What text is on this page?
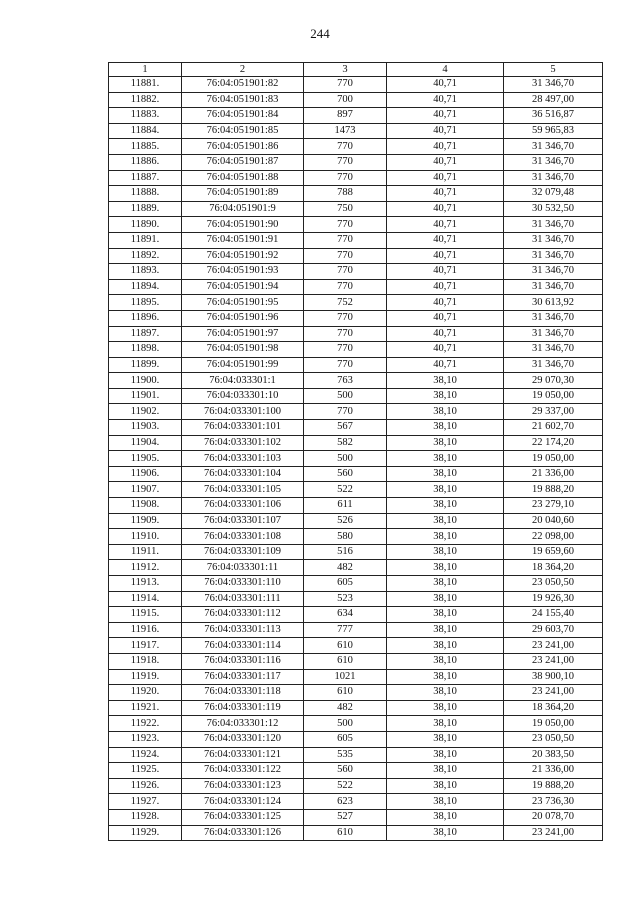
244
1	2	3	4	5
11881.	76:04:051901:82	770	40,71	31 346,70
11882.	76:04:051901:83	700	40,71	28 497,00
11883.	76:04:051901:84	897	40,71	36 516,87
11884.	76:04:051901:85	1473	40,71	59 965,83
11885.	76:04:051901:86	770	40,71	31 346,70
11886.	76:04:051901:87	770	40,71	31 346,70
11887.	76:04:051901:88	770	40,71	31 346,70
11888.	76:04:051901:89	788	40,71	32 079,48
11889.	76:04:051901:9	750	40,71	30 532,50
11890.	76:04:051901:90	770	40,71	31 346,70
11891.	76:04:051901:91	770	40,71	31 346,70
11892.	76:04:051901:92	770	40,71	31 346,70
11893.	76:04:051901:93	770	40,71	31 346,70
11894.	76:04:051901:94	770	40,71	31 346,70
11895.	76:04:051901:95	752	40,71	30 613,92
11896.	76:04:051901:96	770	40,71	31 346,70
11897.	76:04:051901:97	770	40,71	31 346,70
11898.	76:04:051901:98	770	40,71	31 346,70
11899.	76:04:051901:99	770	40,71	31 346,70
11900.	76:04:033301:1	763	38,10	29 070,30
11901.	76:04:033301:10	500	38,10	19 050,00
11902.	76:04:033301:100	770	38,10	29 337,00
11903.	76:04:033301:101	567	38,10	21 602,70
11904.	76:04:033301:102	582	38,10	22 174,20
11905.	76:04:033301:103	500	38,10	19 050,00
11906.	76:04:033301:104	560	38,10	21 336,00
11907.	76:04:033301:105	522	38,10	19 888,20
11908.	76:04:033301:106	611	38,10	23 279,10
11909.	76:04:033301:107	526	38,10	20 040,60
11910.	76:04:033301:108	580	38,10	22 098,00
11911.	76:04:033301:109	516	38,10	19 659,60
11912.	76:04:033301:11	482	38,10	18 364,20
11913.	76:04:033301:110	605	38,10	23 050,50
11914.	76:04:033301:111	523	38,10	19 926,30
11915.	76:04:033301:112	634	38,10	24 155,40
11916.	76:04:033301:113	777	38,10	29 603,70
11917.	76:04:033301:114	610	38,10	23 241,00
11918.	76:04:033301:116	610	38,10	23 241,00
11919.	76:04:033301:117	1021	38,10	38 900,10
11920.	76:04:033301:118	610	38,10	23 241,00
11921.	76:04:033301:119	482	38,10	18 364,20
11922.	76:04:033301:12	500	38,10	19 050,00
11923.	76:04:033301:120	605	38,10	23 050,50
11924.	76:04:033301:121	535	38,10	20 383,50
11925.	76:04:033301:122	560	38,10	21 336,00
11926.	76:04:033301:123	522	38,10	19 888,20
11927.	76:04:033301:124	623	38,10	23 736,30
11928.	76:04:033301:125	527	38,10	20 078,70
11929.	76:04:033301:126	610	38,10	23 241,00
